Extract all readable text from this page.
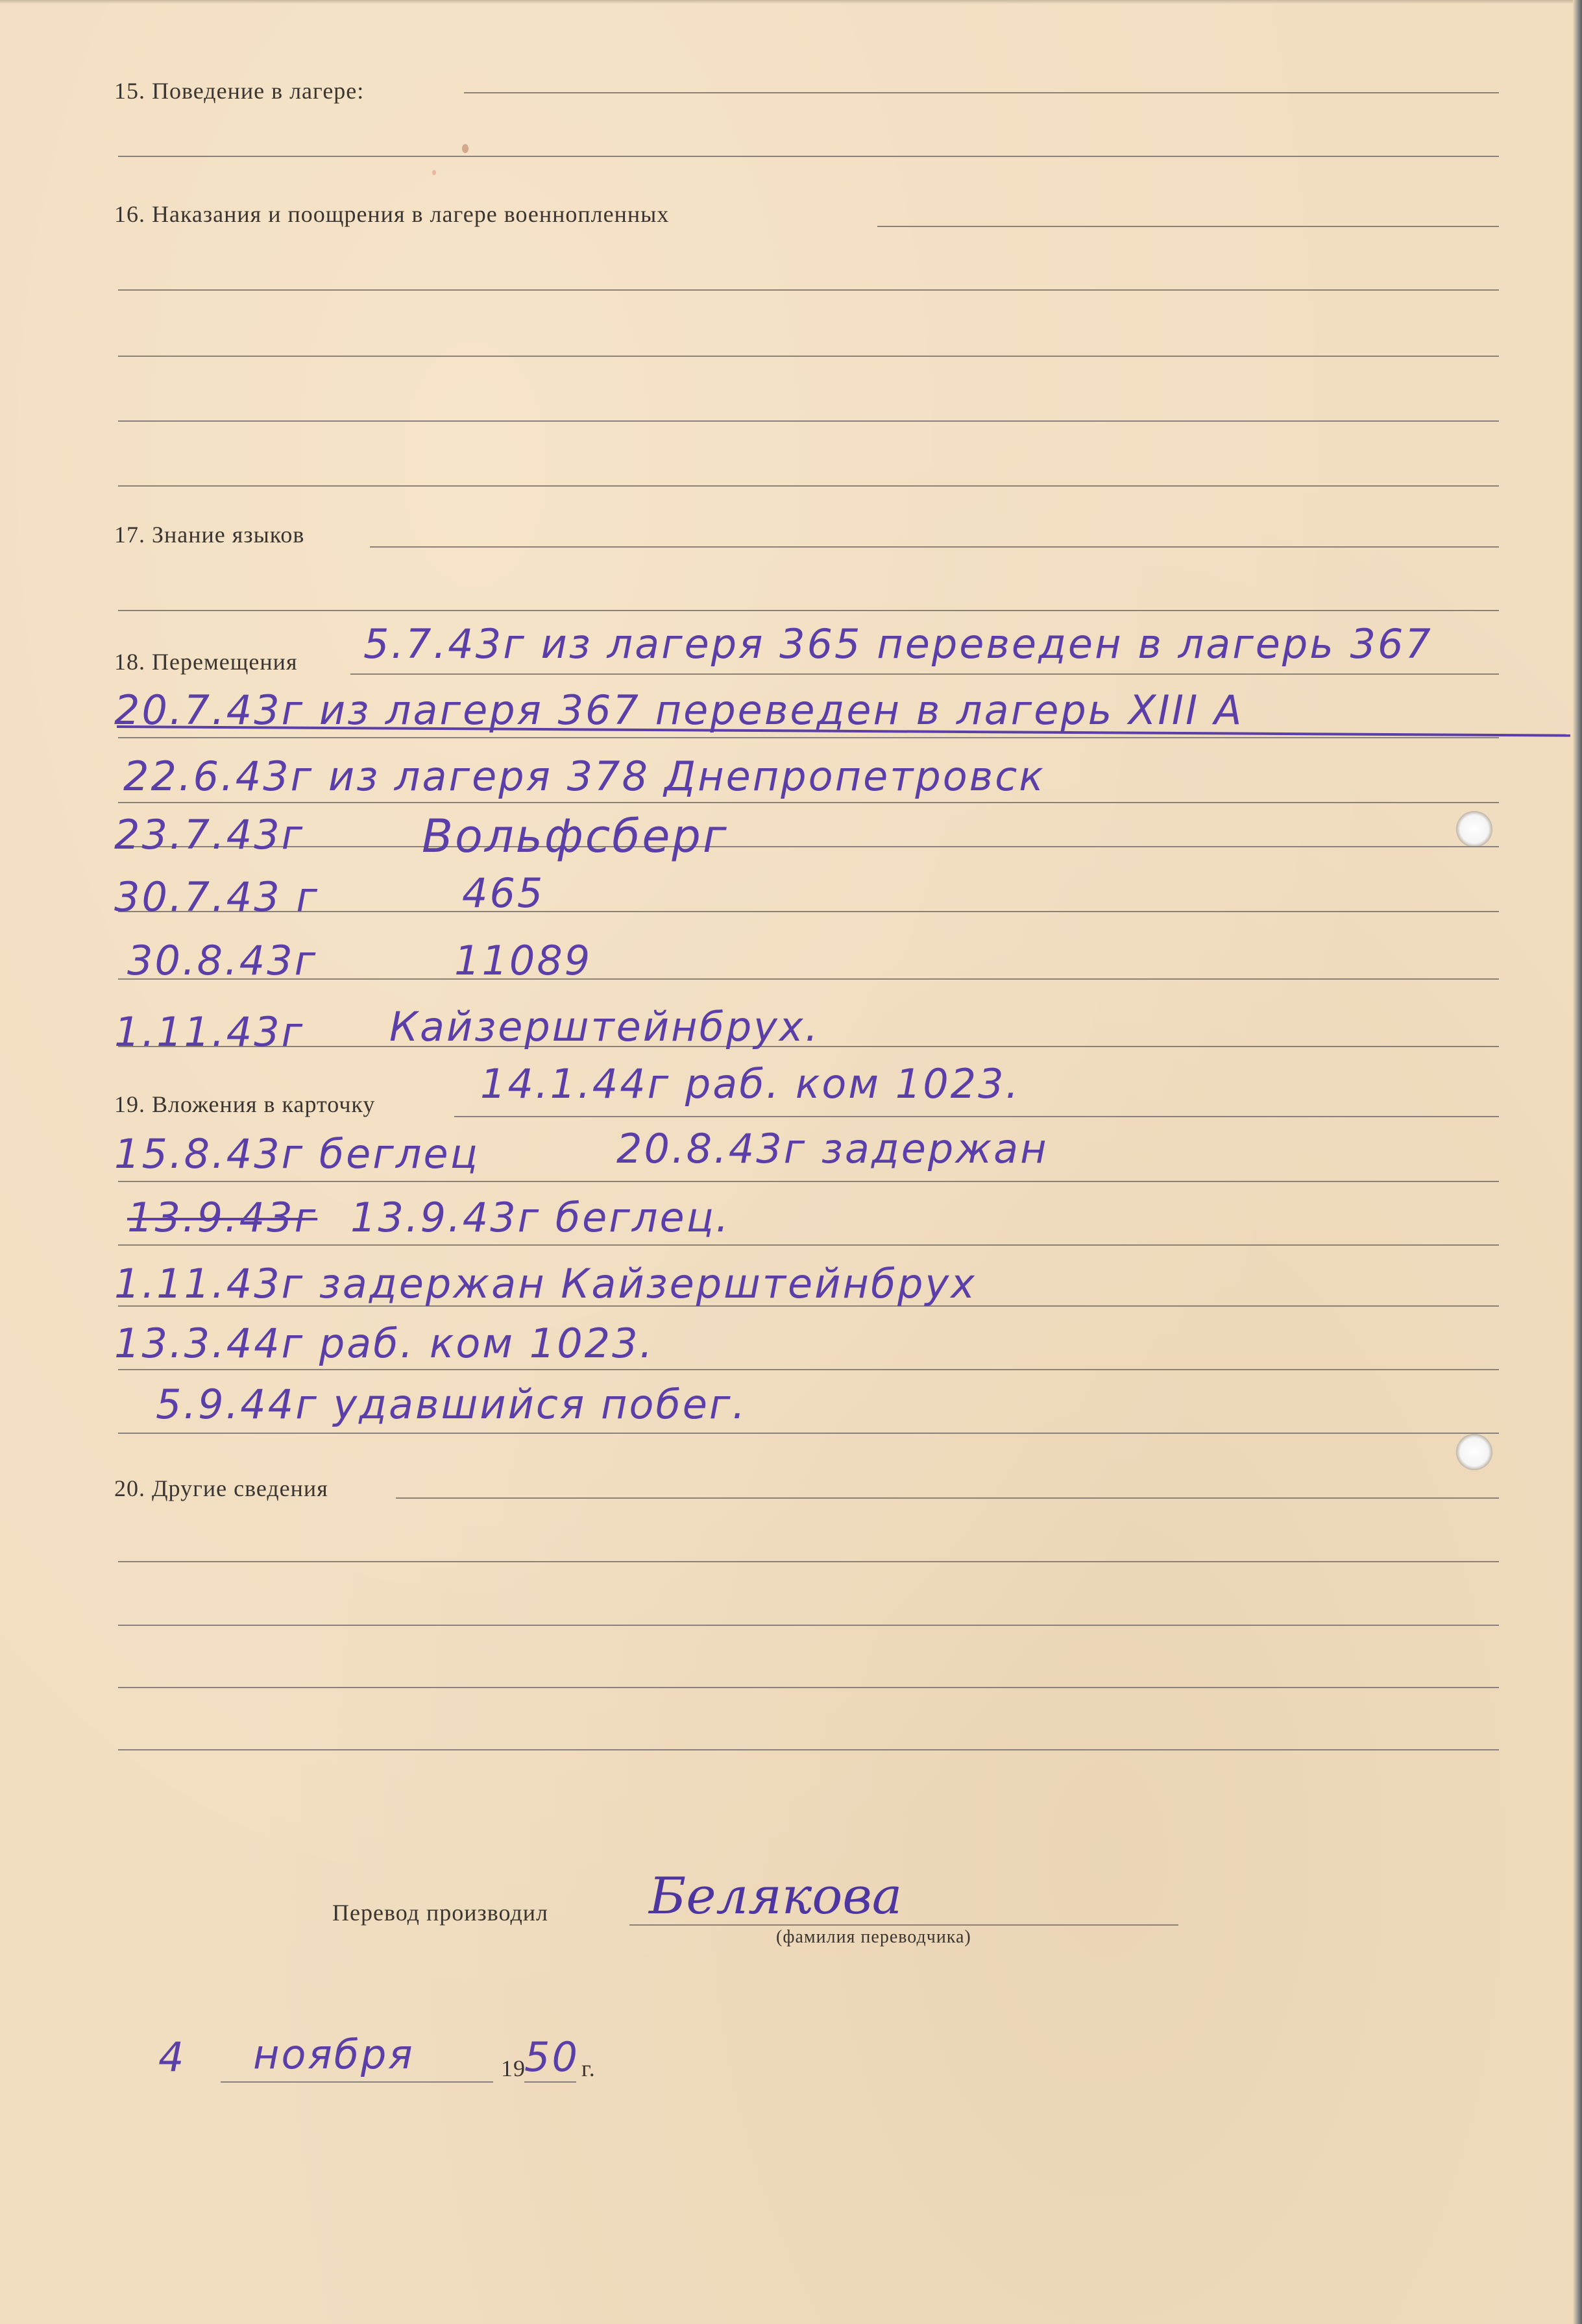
15. Поведение в лагере:
16. Наказания и поощрения в лагере военнопленных
17. Знание языков
18. Перемещения 5.7.43г из лагеря 365 переведен в лагерь 367
20.7.43г из лагеря 367 переведен в лагерь XIII A
22.6.43г из лагеря 378 Днепропетровск
23.7.43г	Вольфсберг
30.7.43 г	465
30.8.43г	11089
1.11.43г Кайзерштейнбрух.
14.1.44г раб. ком 1023.
19. Вложения в карточку
15.8.43г беглец	20.8.43г задержан
13.9.43г 13.9.43г беглец.
1.11.43г задержан Кайзерштейнбрух
13.3.44г раб. ком 1023.
5.9.44г удавшийся побег.
20. Другие сведения
Перевод производил Белякова
(фамилия переводчика)
4 ноября	19
50 г.
